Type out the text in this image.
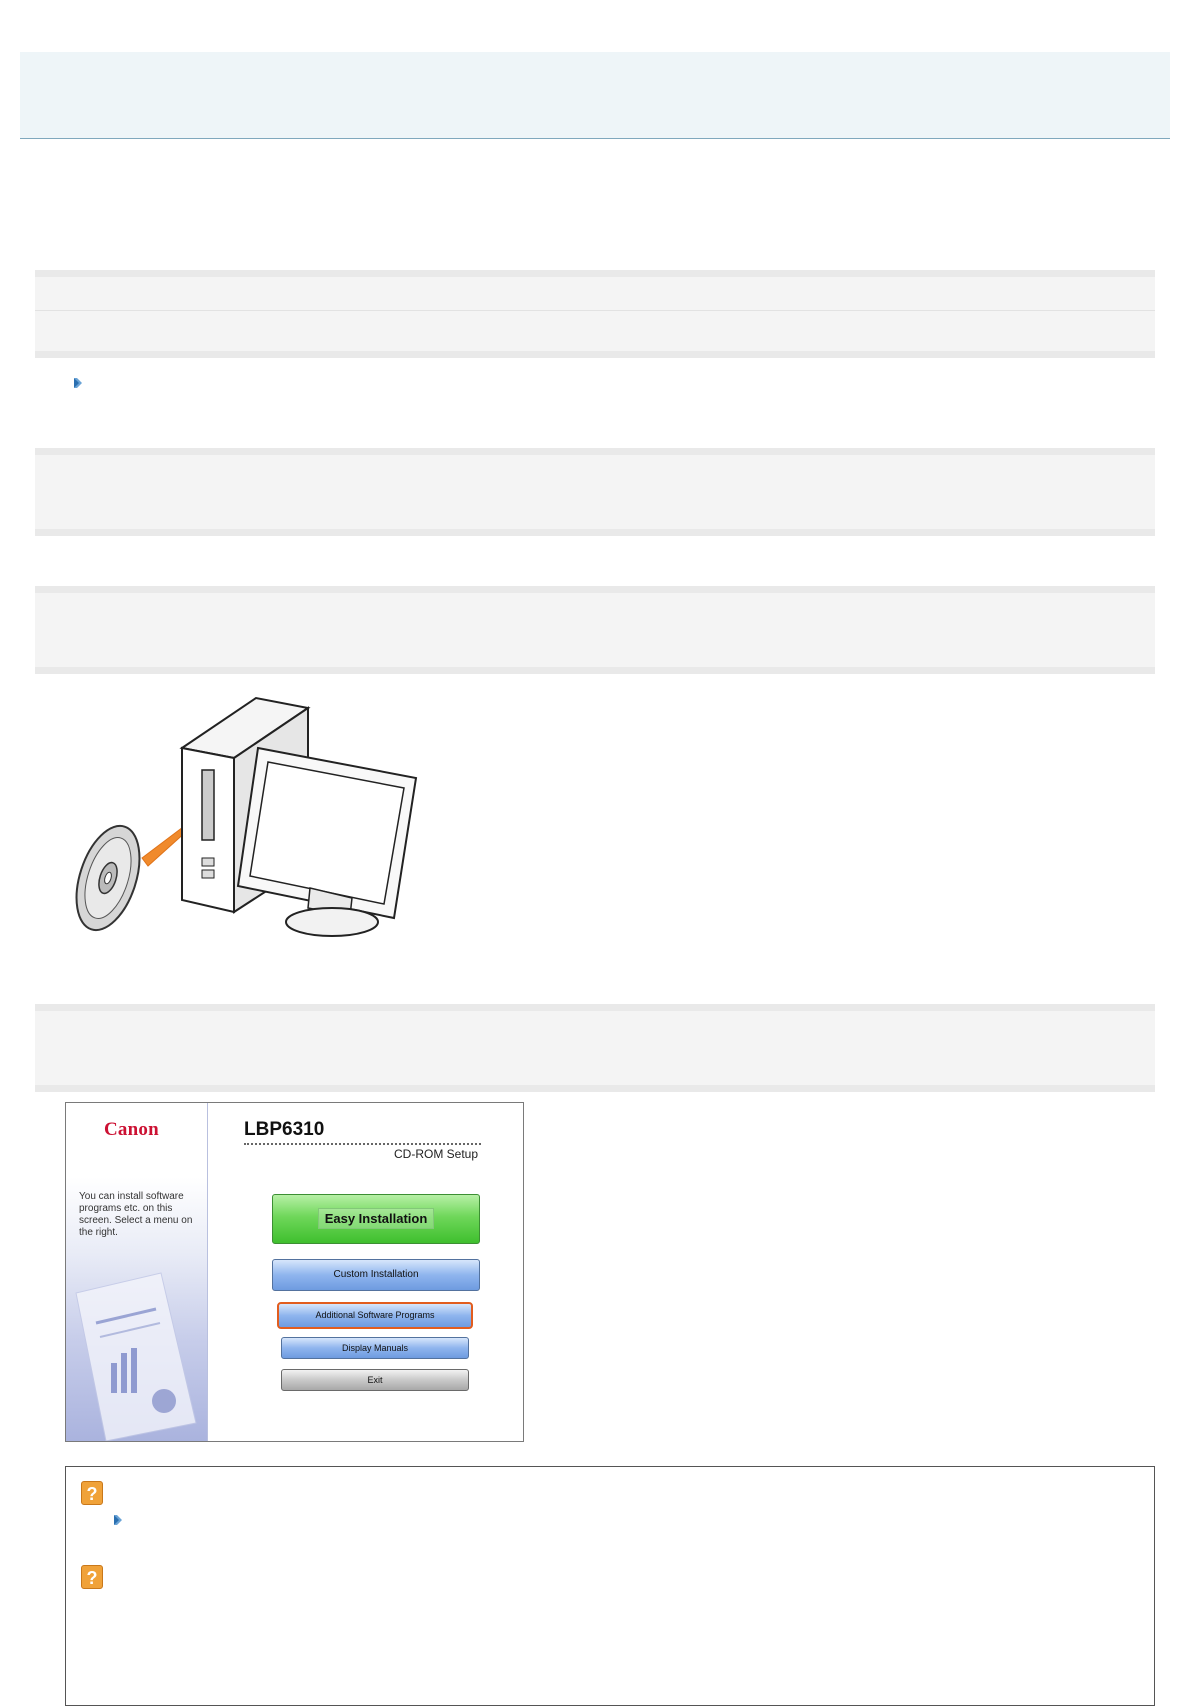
Canon
You can install software programs etc. on this screen. Select a menu on the right.
LBP6310
CD-ROM Setup
Easy Installation
Custom Installation
Additional Software Programs
Display Manuals
Exit
?
?
